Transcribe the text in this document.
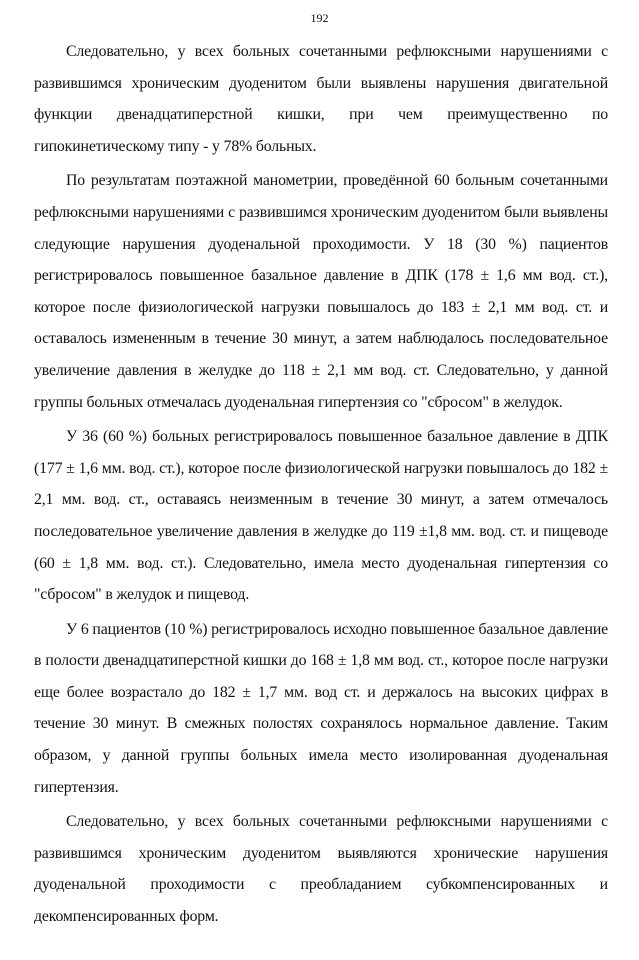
192

Следовательно, у всех больных сочетанными рефлюксными нарушениями с развившимся хроническим дуоденитом были выявлены нарушения двигательной функции двенадцатиперстной кишки, при чем преимущественно по гипокинетическому типу - у 78% больных.

По результатам поэтажной манометрии, проведённой 60 больным сочетанными рефлюксными нарушениями с развившимся хроническим дуоденитом были выявлены следующие нарушения дуоденальной проходимости. У 18 (30 %) пациентов регистрировалось повышенное базальное давление в ДПК (178 ± 1,6 мм вод. ст.), которое после физиологической нагрузки повышалось до 183 ± 2,1 мм вод. ст. и оставалось измененным в течение 30 минут, а затем наблюдалось последовательное увеличение давления в желудке до 118 ± 2,1 мм вод. ст. Следовательно, у данной группы больных отмечалась дуоденальная гипертензия со "сбросом" в желудок.

У 36 (60 %) больных регистрировалось повышенное базальное давление в ДПК (177 ± 1,6 мм. вод. ст.), которое после физиологической нагрузки повышалось до 182 ± 2,1 мм. вод. ст., оставаясь неизменным в течение 30 минут, а затем отмечалось последовательное увеличение давления в желудке до 119 ±1,8 мм. вод. ст. и пищеводе (60 ± 1,8 мм. вод. ст.). Следовательно, имела место дуоденальная гипертензия со "сбросом" в желудок и пищевод.

У 6 пациентов (10 %) регистрировалось исходно повышенное базальное давление в полости двенадцатиперстной кишки до 168 ± 1,8 мм вод. ст., которое после нагрузки еще более возрастало до 182 ± 1,7 мм. вод ст. и держалось на высоких цифрах в течение 30 минут. В смежных полостях сохранялось нормальное давление. Таким образом, у данной группы больных имела место изолированная дуоденальная гипертензия.

Следовательно, у всех больных сочетанными рефлюксными нарушениями с развившимся хроническим дуоденитом выявляются хронические нарушения дуоденальной проходимости с преобладанием субкомпенсированных и декомпенсированных форм.
